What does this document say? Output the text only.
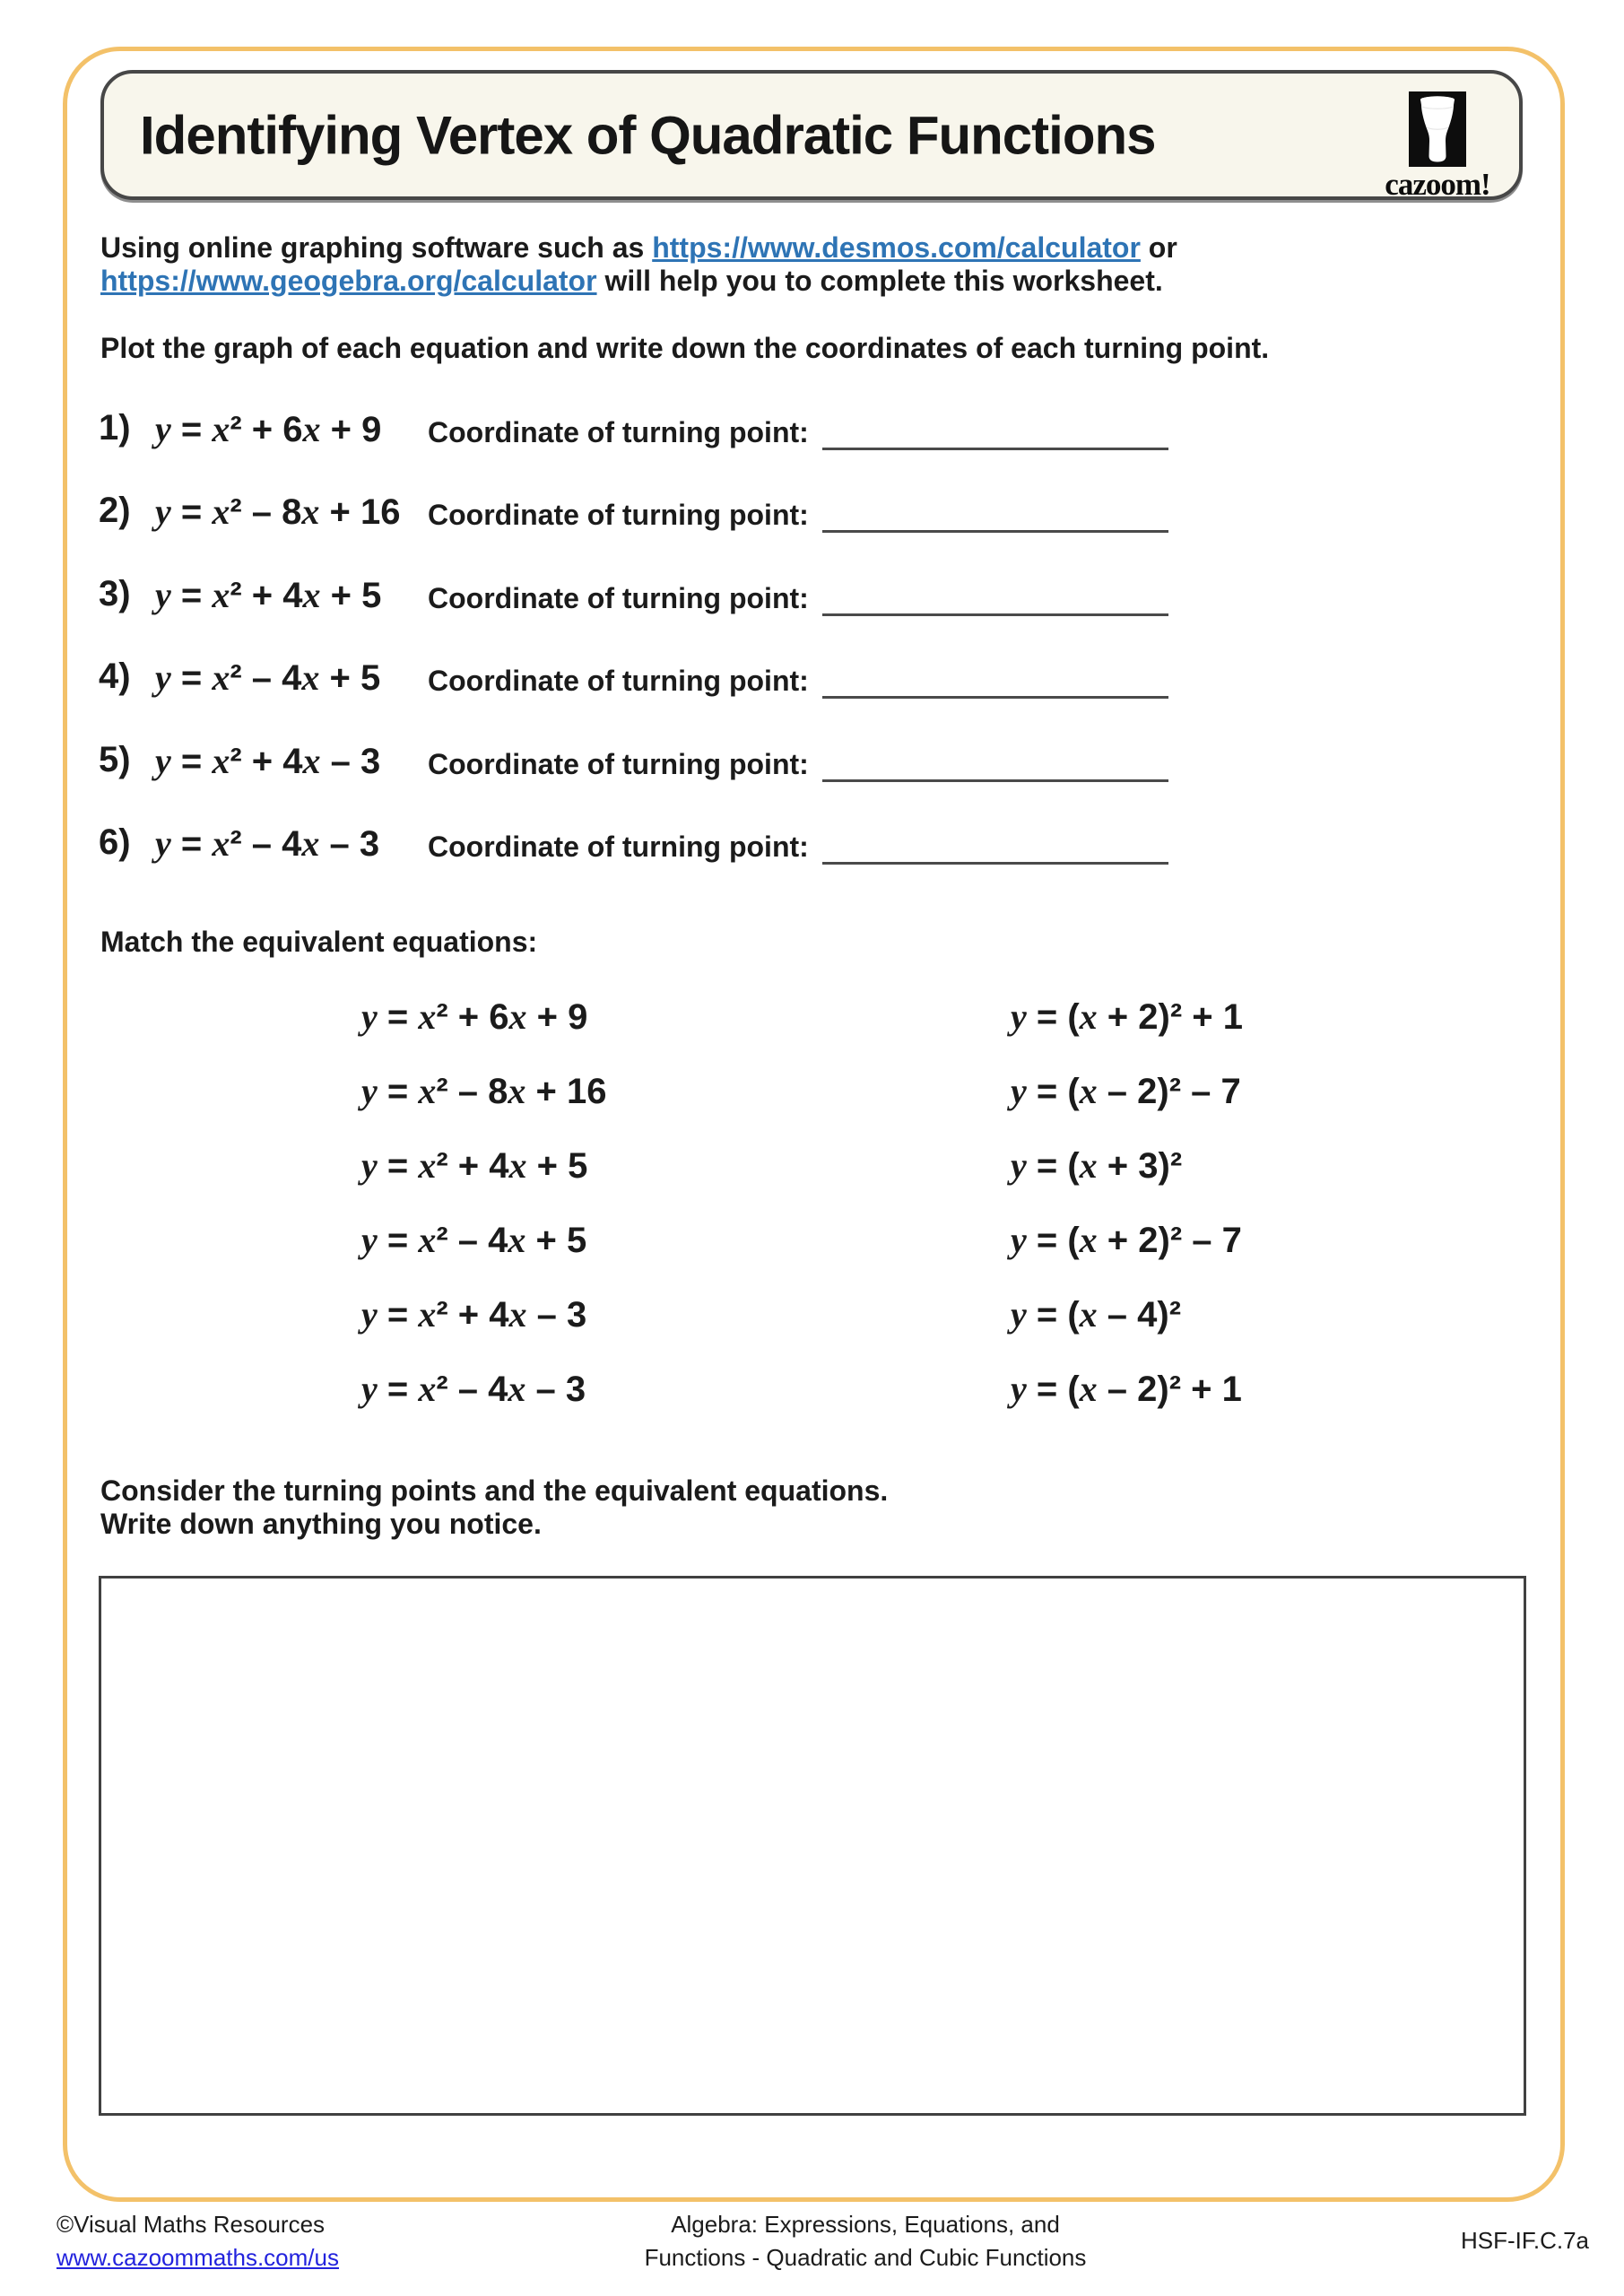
Identifying Vertex of Quadratic Functions
cazoom!

Using online graphing software such as https://www.desmos.com/calculator or
https://www.geogebra.org/calculator will help you to complete this worksheet.

Plot the graph of each equation and write down the coordinates of each turning point.

1) y = x² + 6x + 9 Coordinate of turning point:
2) y = x² – 8x + 16 Coordinate of turning point:
3) y = x² + 4x + 5 Coordinate of turning point:
4) y = x² – 4x + 5 Coordinate of turning point:
5) y = x² + 4x – 3 Coordinate of turning point:
6) y = x² – 4x – 3 Coordinate of turning point:

Match the equivalent equations:

y = x² + 6x + 9	y = (x + 2)² + 1
y = x² – 8x + 16	y = (x – 2)² – 7
y = x² + 4x + 5	y = (x + 3)²
y = x² – 4x + 5	y = (x + 2)² – 7
y = x² + 4x – 3	y = (x – 4)²
y = x² – 4x – 3	y = (x – 2)² + 1
Consider the turning points and the equivalent equations.
Write down anything you notice.
©Visual Maths Resources
www.cazoommaths.com/us
Algebra: Expressions, Equations, and
Functions - Quadratic and Cubic Functions
HSF-IF.C.7a
